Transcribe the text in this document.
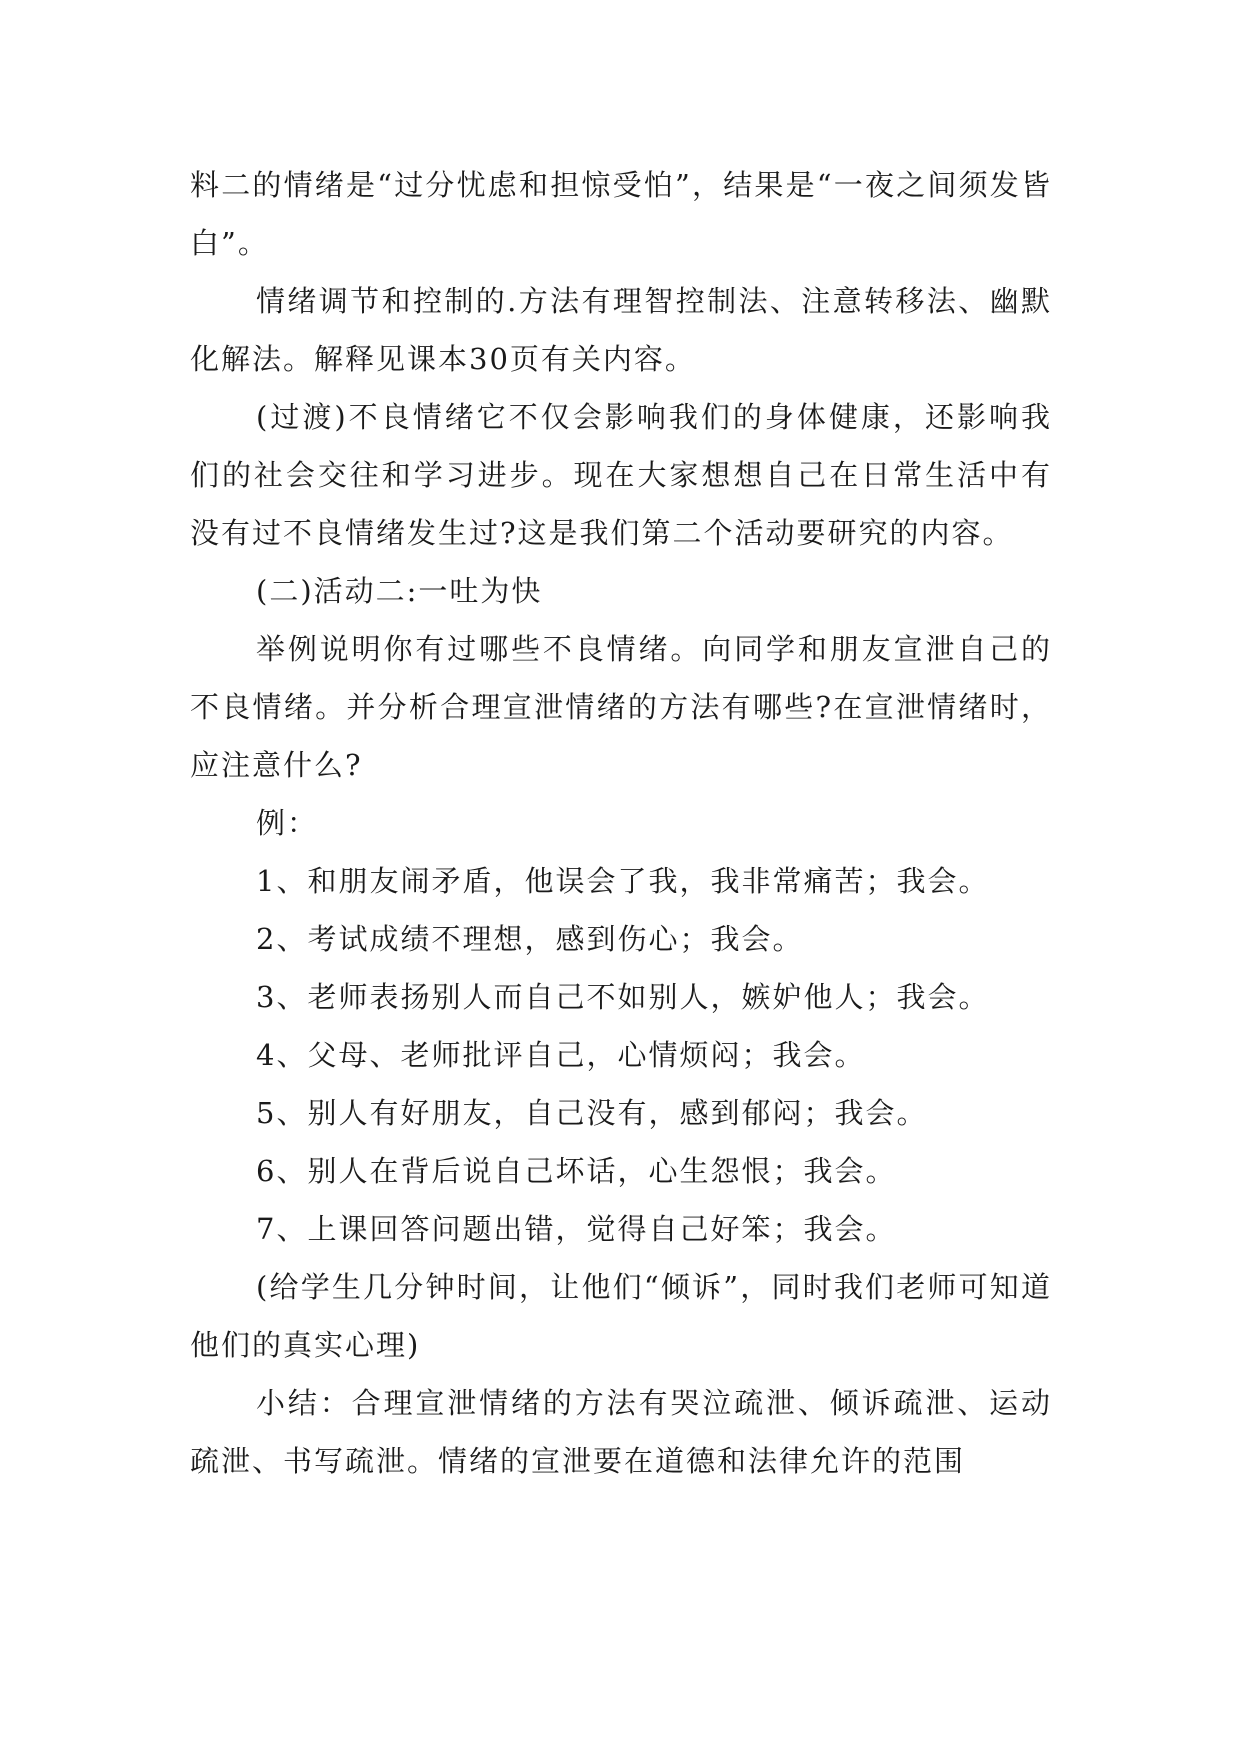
料二的情绪是“过分忧虑和担惊受怕”，结果是“一夜之间须发皆白”。

情绪调节和控制的.方法有理智控制法、注意转移法、幽默化解法。解释见课本30页有关内容。

(过渡)不良情绪它不仅会影响我们的身体健康，还影响我们的社会交往和学习进步。现在大家想想自己在日常生活中有没有过不良情绪发生过?这是我们第二个活动要研究的内容。

(二)活动二:一吐为快

举例说明你有过哪些不良情绪。向同学和朋友宣泄自己的不良情绪。并分析合理宣泄情绪的方法有哪些?在宣泄情绪时，应注意什么?

例：

1、和朋友闹矛盾，他误会了我，我非常痛苦；我会。

2、考试成绩不理想，感到伤心；我会。

3、老师表扬别人而自己不如别人，嫉妒他人；我会。

4、父母、老师批评自己，心情烦闷；我会。

5、别人有好朋友，自己没有，感到郁闷；我会。

6、别人在背后说自己坏话，心生怨恨；我会。

7、上课回答问题出错，觉得自己好笨；我会。

(给学生几分钟时间，让他们“倾诉”，同时我们老师可知道他们的真实心理)

小结：合理宣泄情绪的方法有哭泣疏泄、倾诉疏泄、运动疏泄、书写疏泄。情绪的宣泄要在道德和法律允许的范围
